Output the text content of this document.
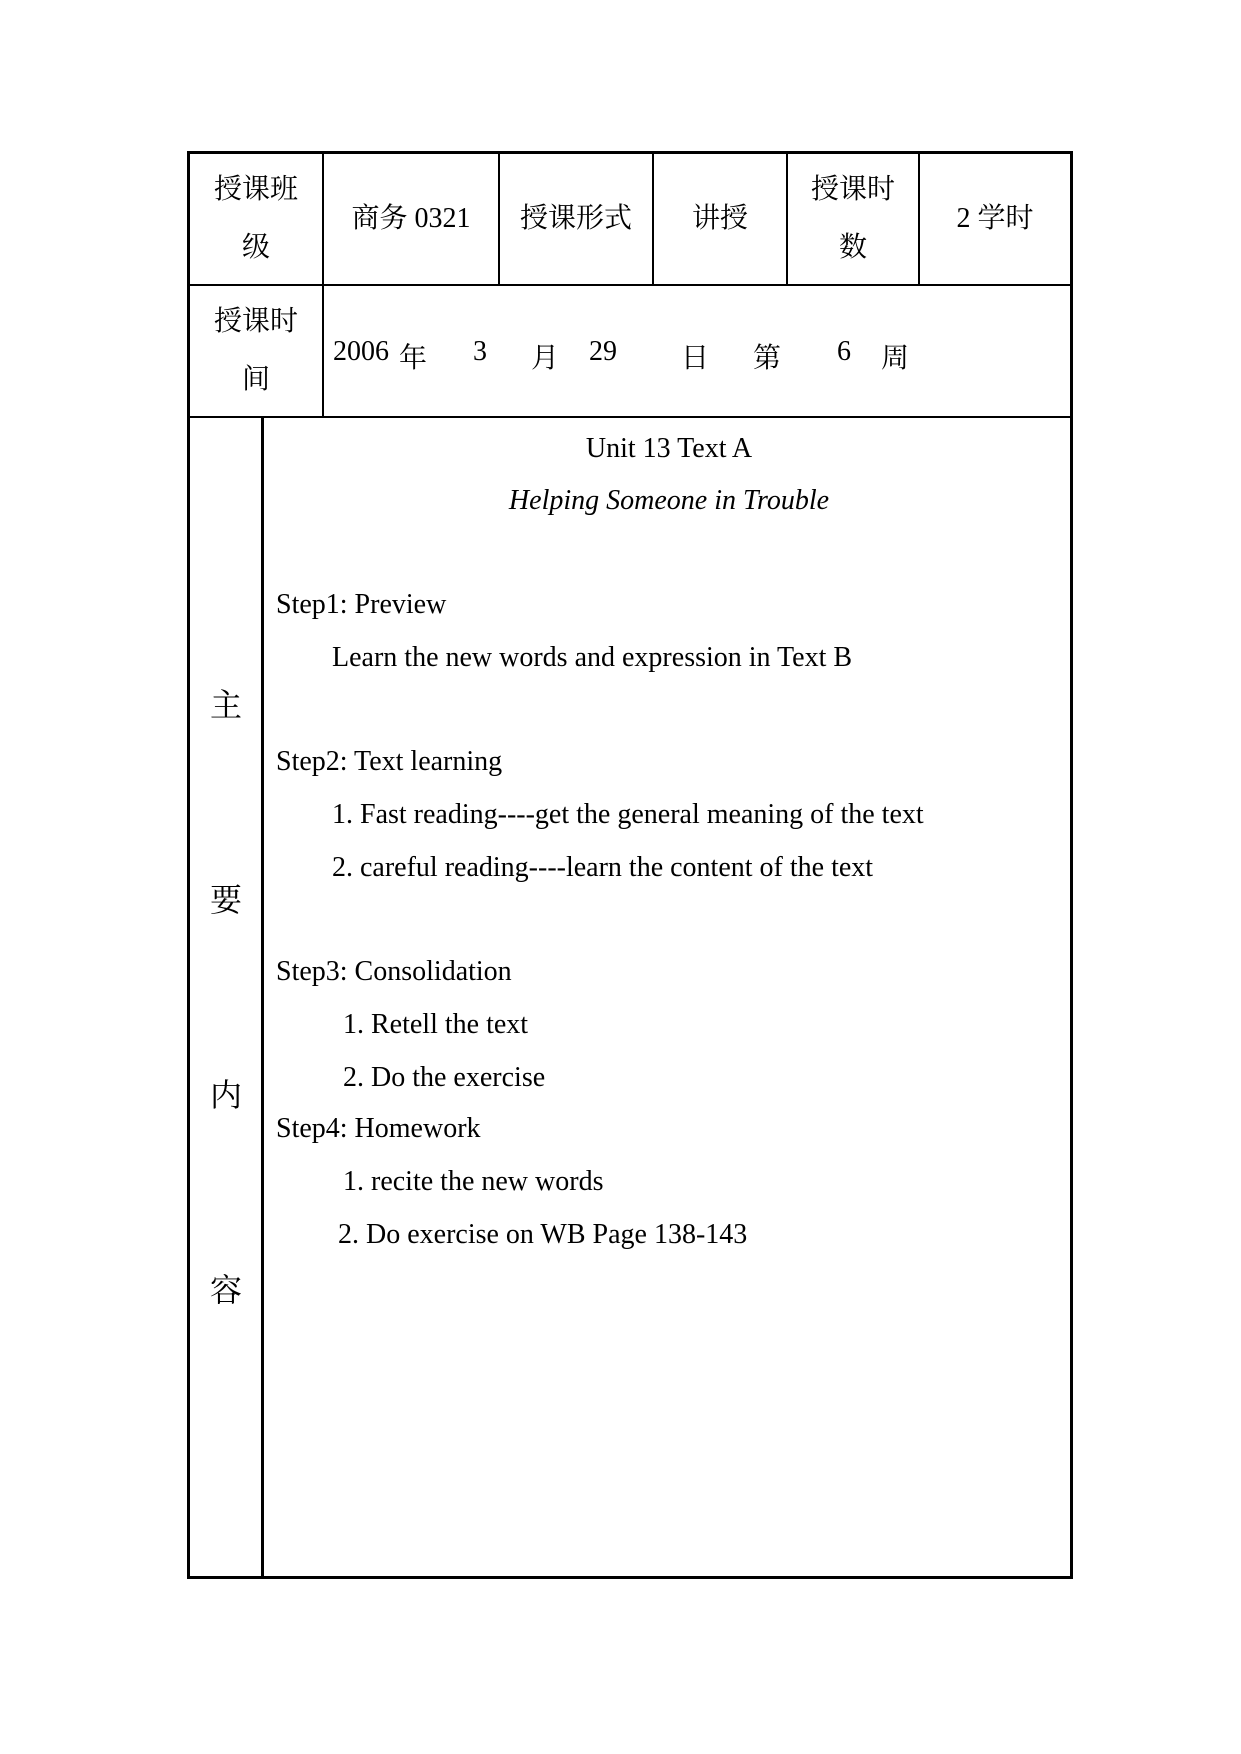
授课班
级
商务 0321	授课形式	讲授
授课时
数
2 学时
授课时
间
2006 年 3 月 29 日 第 6 周
主
要
内
容
Unit 13 Text A
Helping Someone in Trouble
Step1: Preview
Learn the new words and expression in Text B
Step2: Text learning
1. Fast reading----get the general meaning of the text
2. careful reading----learn the content of the text
Step3: Consolidation
1. Retell the text
2. Do the exercise
Step4: Homework
1. recite the new words
2. Do exercise on WB Page 138-143
